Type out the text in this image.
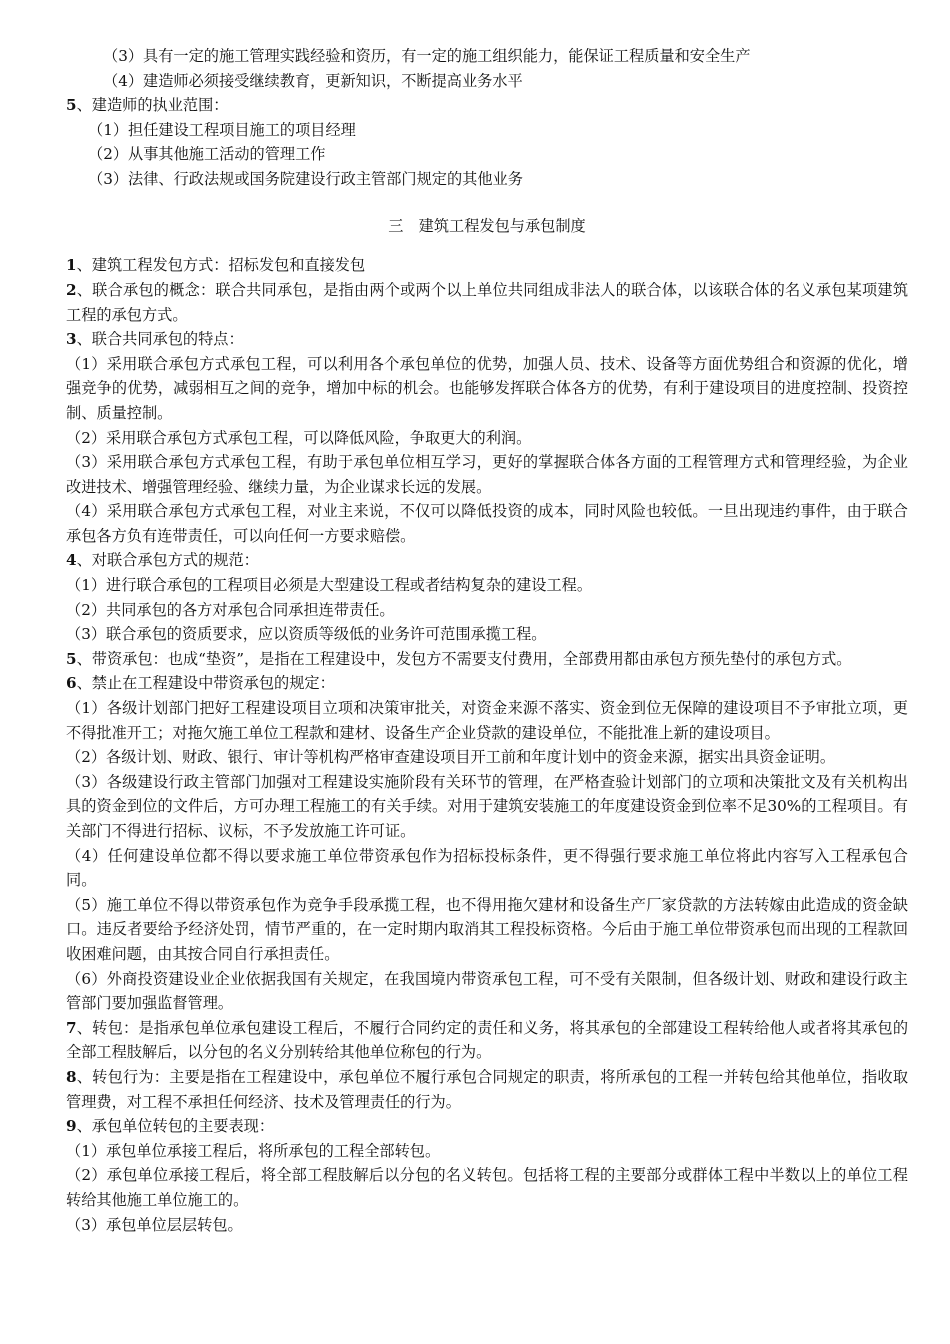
（3）具有一定的施工管理实践经验和资历，有一定的施工组织能力，能保证工程质量和安全生产

（4）建造师必须接受继续教育，更新知识，不断提高业务水平

5、建造师的执业范围：

（1）担任建设工程项目施工的项目经理

（2）从事其他施工活动的管理工作

（3）法律、行政法规或国务院建设行政主管部门规定的其他业务

三　建筑工程发包与承包制度

1、建筑工程发包方式：招标发包和直接发包

2、联合承包的概念：联合共同承包，是指由两个或两个以上单位共同组成非法人的联合体，以该联合体的名义承包某项建筑工程的承包方式。

3、联合共同承包的特点：

（1）采用联合承包方式承包工程，可以利用各个承包单位的优势，加强人员、技术、设备等方面优势组合和资源的优化，增强竞争的优势，减弱相互之间的竞争，增加中标的机会。也能够发挥联合体各方的优势，有利于建设项目的进度控制、投资控制、质量控制。

（2）采用联合承包方式承包工程，可以降低风险，争取更大的利润。

（3）采用联合承包方式承包工程，有助于承包单位相互学习，更好的掌握联合体各方面的工程管理方式和管理经验，为企业改进技术、增强管理经验、继续力量，为企业谋求长远的发展。

（4）采用联合承包方式承包工程，对业主来说，不仅可以降低投资的成本，同时风险也较低。一旦出现违约事件，由于联合承包各方负有连带责任，可以向任何一方要求赔偿。

4、对联合承包方式的规范：

（1）进行联合承包的工程项目必须是大型建设工程或者结构复杂的建设工程。

（2）共同承包的各方对承包合同承担连带责任。

（3）联合承包的资质要求，应以资质等级低的业务许可范围承揽工程。

5、带资承包：也成“垫资”，是指在工程建设中，发包方不需要支付费用，全部费用都由承包方预先垫付的承包方式。

6、禁止在工程建设中带资承包的规定：

（1）各级计划部门把好工程建设项目立项和决策审批关，对资金来源不落实、资金到位无保障的建设项目不予审批立项，更不得批准开工；对拖欠施工单位工程款和建材、设备生产企业贷款的建设单位，不能批准上新的建设项目。

（2）各级计划、财政、银行、审计等机构严格审查建设项目开工前和年度计划中的资金来源，据实出具资金证明。

（3）各级建设行政主管部门加强对工程建设实施阶段有关环节的管理，在严格查验计划部门的立项和决策批文及有关机构出具的资金到位的文件后，方可办理工程施工的有关手续。对用于建筑安装施工的年度建设资金到位率不足30%的工程项目。有关部门不得进行招标、议标，不予发放施工许可证。

（4）任何建设单位都不得以要求施工单位带资承包作为招标投标条件，更不得强行要求施工单位将此内容写入工程承包合同。

（5）施工单位不得以带资承包作为竞争手段承揽工程，也不得用拖欠建材和设备生产厂家贷款的方法转嫁由此造成的资金缺口。违反者要给予经济处罚，情节严重的，在一定时期内取消其工程投标资格。今后由于施工单位带资承包而出现的工程款回收困难问题，由其按合同自行承担责任。

（6）外商投资建设业企业依据我国有关规定，在我国境内带资承包工程，可不受有关限制，但各级计划、财政和建设行政主管部门要加强监督管理。

7、转包：是指承包单位承包建设工程后，不履行合同约定的责任和义务，将其承包的全部建设工程转给他人或者将其承包的全部工程肢解后，以分包的名义分别转给其他单位称包的行为。

8、转包行为：主要是指在工程建设中，承包单位不履行承包合同规定的职责，将所承包的工程一并转包给其他单位，指收取管理费，对工程不承担任何经济、技术及管理责任的行为。

9、承包单位转包的主要表现：

（1）承包单位承接工程后，将所承包的工程全部转包。

（2）承包单位承接工程后，将全部工程肢解后以分包的名义转包。包括将工程的主要部分或群体工程中半数以上的单位工程转给其他施工单位施工的。

（3）承包单位层层转包。
